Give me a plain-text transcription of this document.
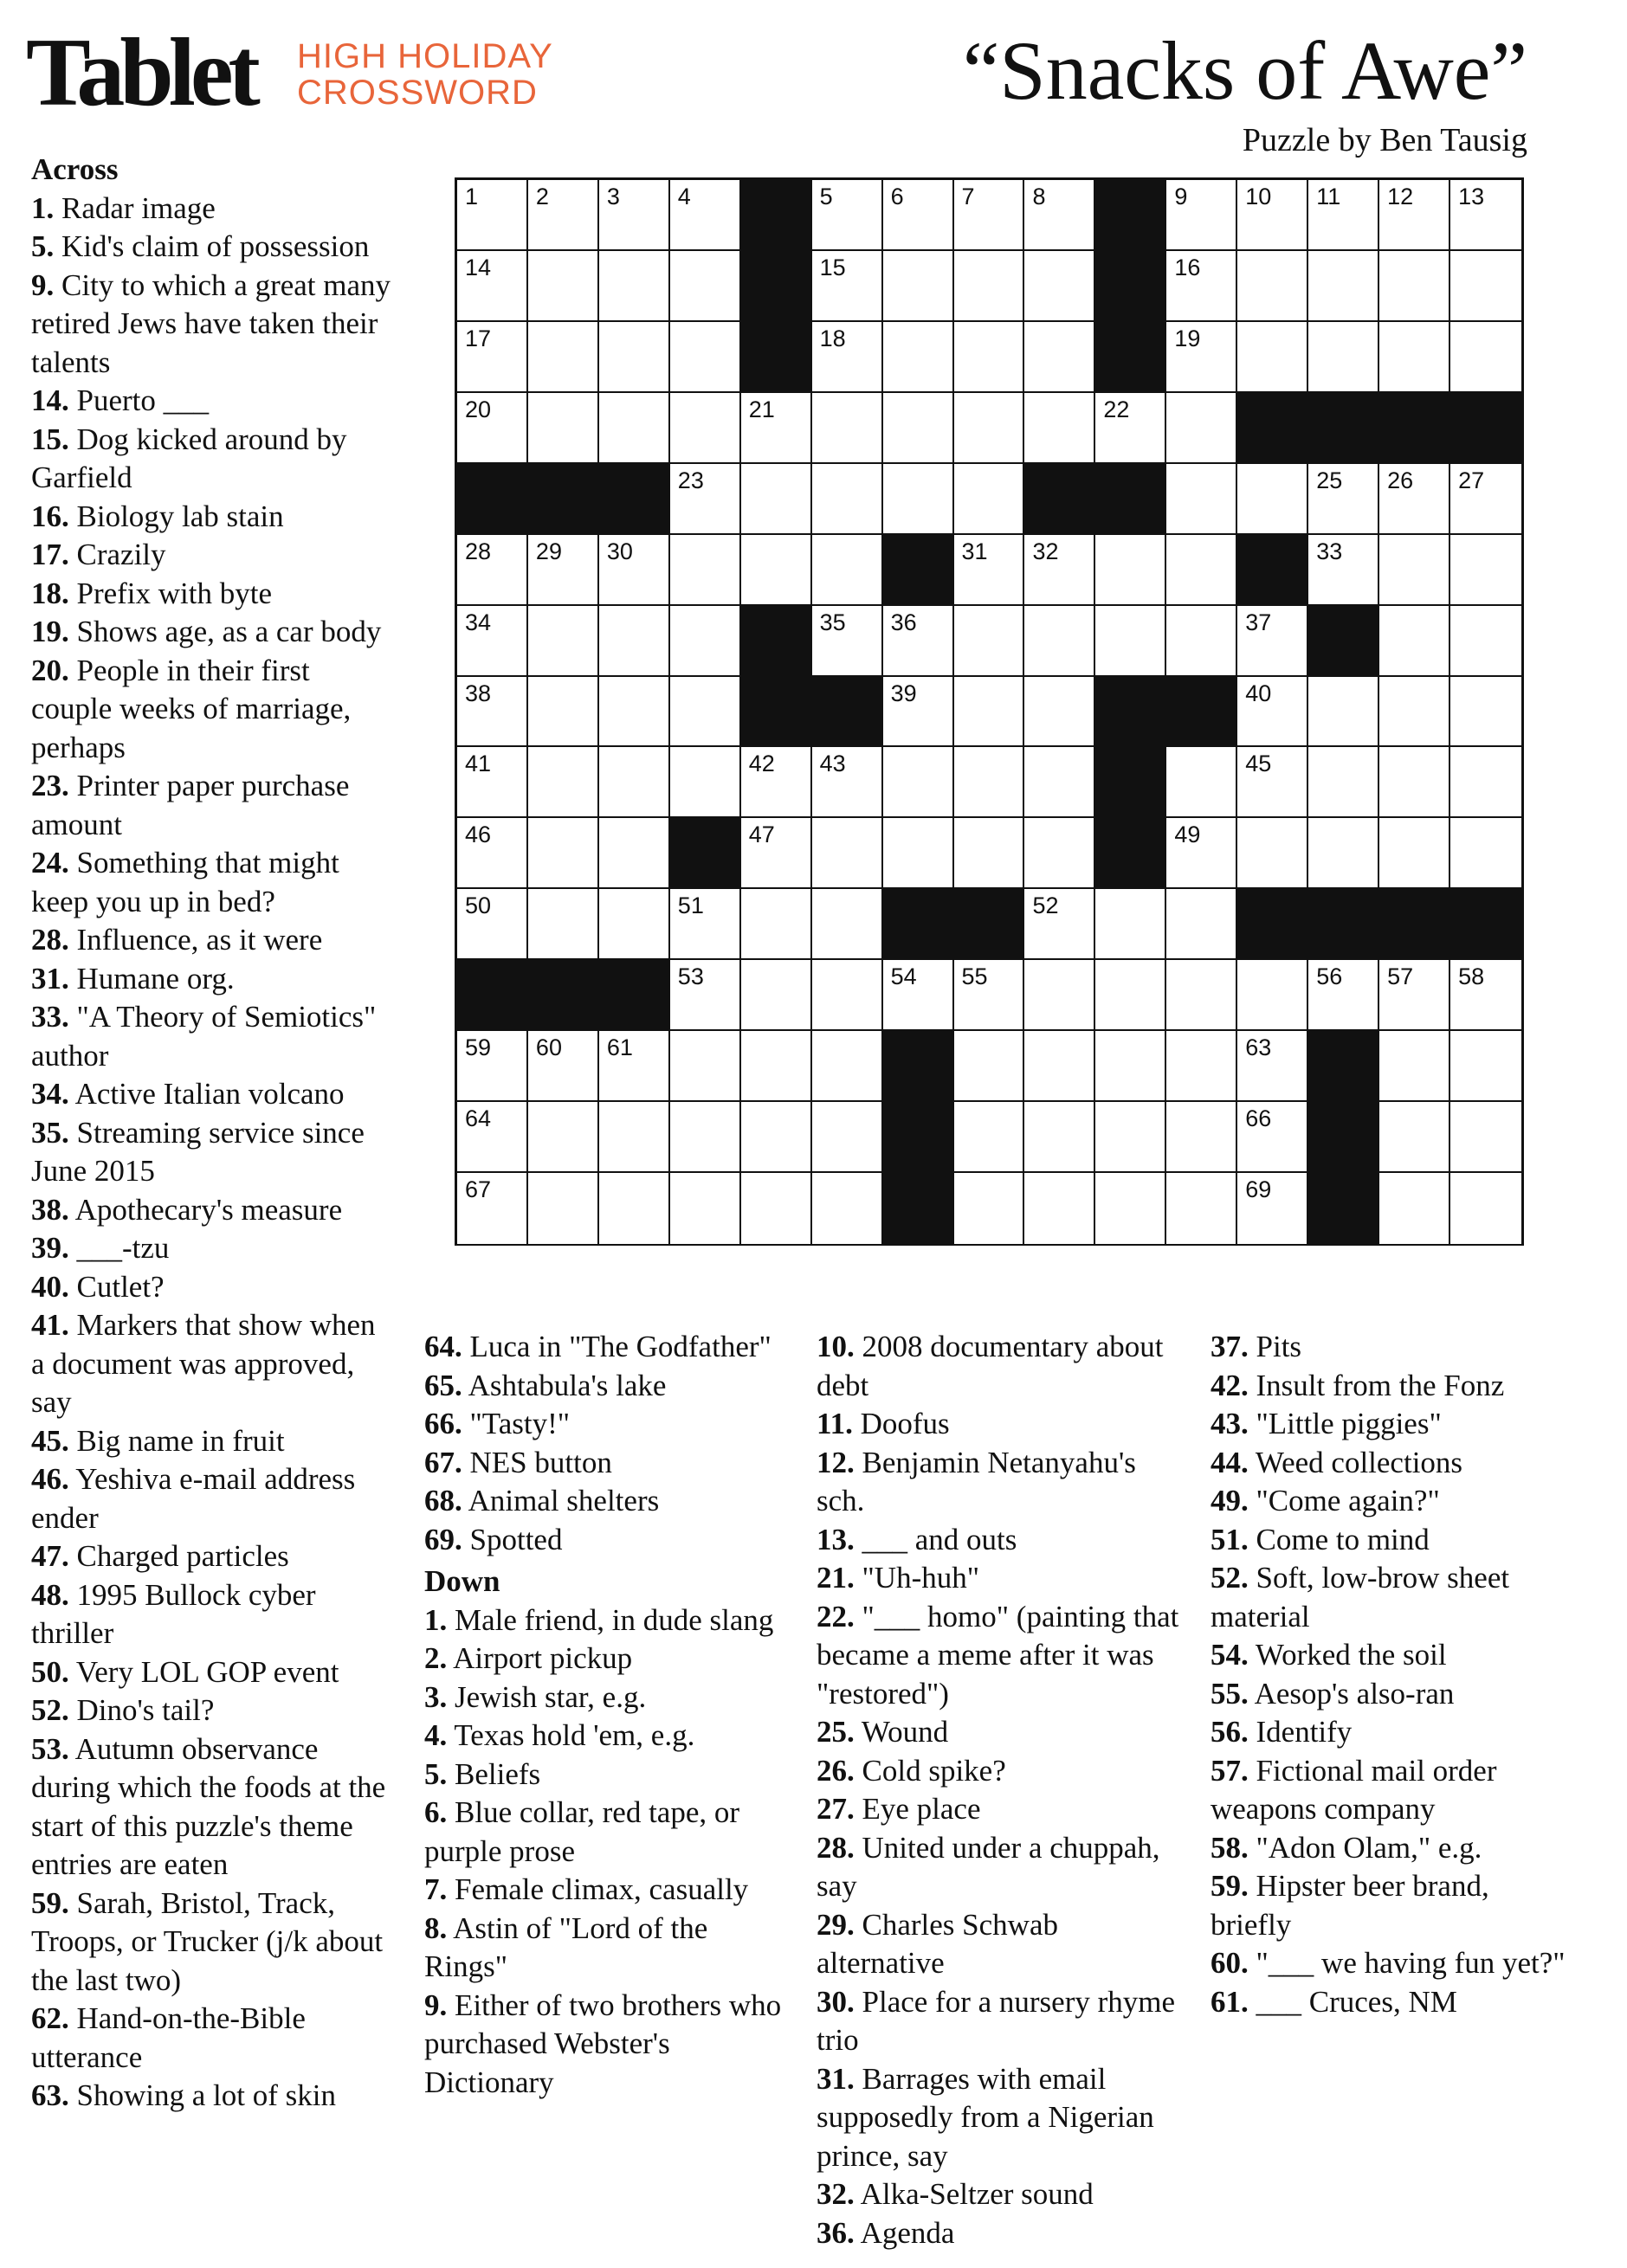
Tablet HIGH HOLIDAY
CROSSWORD	“Snacks of Awe”
Puzzle by Ben Tausig
1 2 3 4	5 6 7 8	9 10 11 12 13
14	15	16
17	18	19
20	21	22
23	25 26 27
28 29 30	31 32	33
34	35 36	37
38	39	40
41	42 43	45
46	47	49
50	51	52
53	54 55	56 57 58
59 60 61	63
64	66
67	69
Across
1. Radar image
5. Kid's claim of possession
9. City to which a great many retired Jews have taken their talents
14. Puerto ___
15. Dog kicked around by Garfield
16. Biology lab stain
17. Crazily
18. Prefix with byte
19. Shows age, as a car body
20. People in their first couple weeks of marriage, perhaps
23. Printer paper purchase amount
24. Something that might keep you up in bed?
28. Influence, as it were
31. Humane org.
33. "A Theory of Semiotics" author
34. Active Italian volcano
35. Streaming service since June 2015
38. Apothecary's measure
39. ___-tzu
40. Cutlet?
41. Markers that show when a document was approved, say
45. Big name in fruit
46. Yeshiva e-mail address ender
47. Charged particles
48. 1995 Bullock cyber thriller
50. Very LOL GOP event
52. Dino's tail?
53. Autumn observance during which the foods at the start of this puzzle's theme entries are eaten
59. Sarah, Bristol, Track, Troops, or Trucker (j/k about the last two)
62. Hand-on-the-Bible utterance
63. Showing a lot of skin
64. Luca in "The Godfather"
65. Ashtabula's lake
66. "Tasty!"
67. NES button
68. Animal shelters
69. Spotted
Down
1. Male friend, in dude slang
2. Airport pickup
3. Jewish star, e.g.
4. Texas hold 'em, e.g.
5. Beliefs
6. Blue collar, red tape, or purple prose
7. Female climax, casually
8. Astin of "Lord of the Rings"
9. Either of two brothers who purchased Webster's Dictionary
10. 2008 documentary about debt
11. Doofus
12. Benjamin Netanyahu's sch.
13. ___ and outs
21. "Uh-huh"
22. "___ homo" (painting that became a meme after it was "restored")
25. Wound
26. Cold spike?
27. Eye place
28. United under a chuppah, say
29. Charles Schwab alternative
30. Place for a nursery rhyme trio
31. Barrages with email supposedly from a Nigerian prince, say
32. Alka-Seltzer sound
36. Agenda
37. Pits
42. Insult from the Fonz
43. "Little piggies"
44. Weed collections
49. "Come again?"
51. Come to mind
52. Soft, low-brow sheet material
54. Worked the soil
55. Aesop's also-ran
56. Identify
57. Fictional mail order weapons company
58. "Adon Olam," e.g.
59. Hipster beer brand, briefly
60. "___ we having fun yet?"
61. ___ Cruces, NM
